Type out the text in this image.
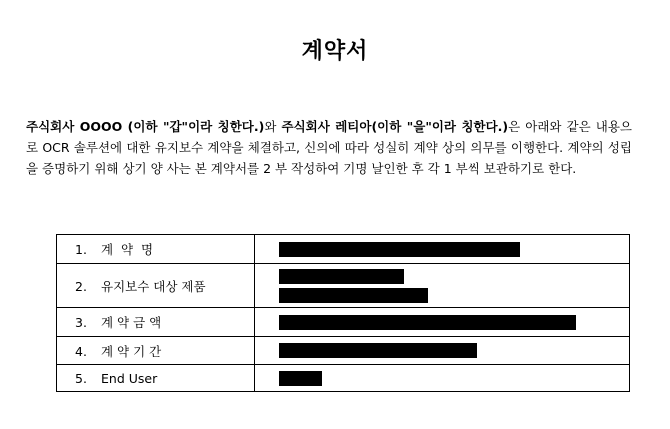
계약서
주식회사 OOOO (이하 "갑"이라 칭한다.)와 주식회사 레티아(이하 "을"이라 칭한다.)은 아래와 같은 내용으로 OCR 솔루션에 대한 유지보수 계약을 체결하고, 신의에 따라 성실히 계약 상의 의무를 이행한다. 계약의 성립을 증명하기 위해 상기 양 사는 본 계약서를 2 부 작성하여 기명 날인한 후 각 1 부씩 보관하기로 한다.
1. 계  약  명	

2. 유지보수 대상 제품	

3. 계 약 금 액	

4. 계 약 기 간	

5. End User	
